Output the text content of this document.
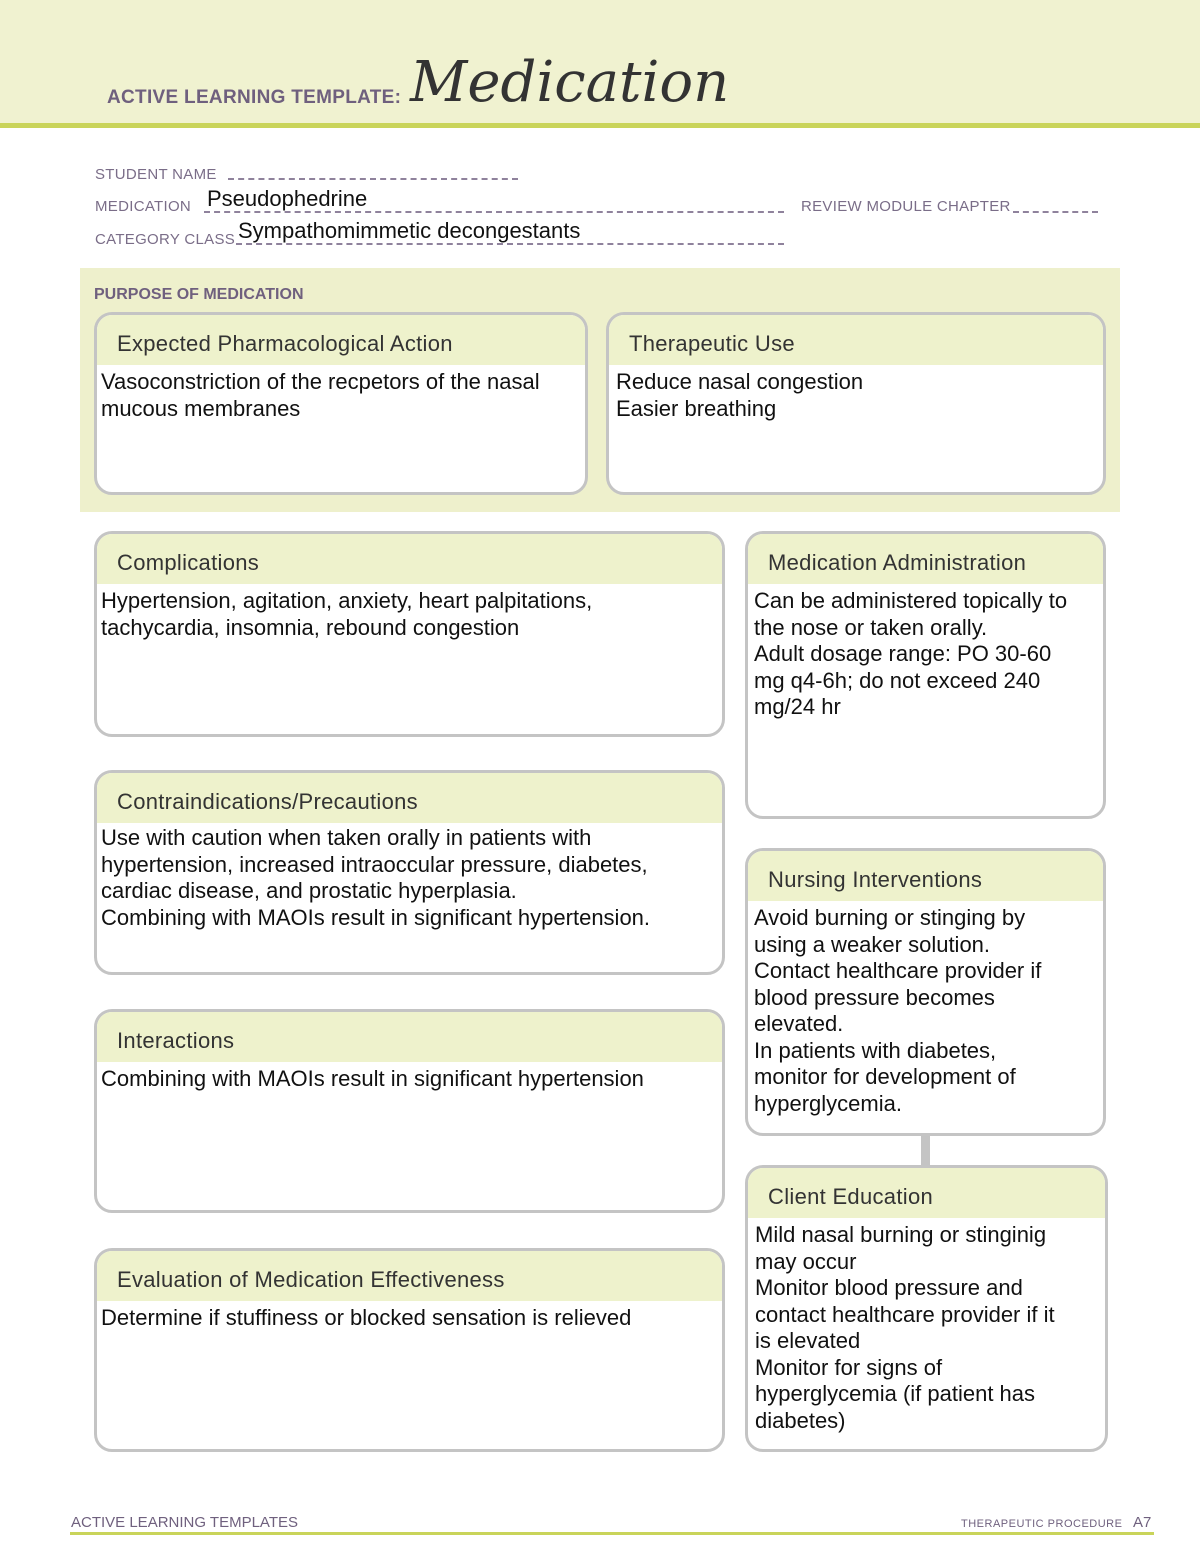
ACTIVE LEARNING TEMPLATE: Medication
STUDENT NAME
MEDICATION Pseudophedrine	REVIEW MODULE CHAPTER
CATEGORY CLASS Sympathomimmetic decongestants
PURPOSE OF MEDICATION
Expected Pharmacological Action
Vasoconstriction of the recpetors of the nasal
mucous membranes
Therapeutic Use
Reduce nasal congestion
Easier breathing
Complications
Hypertension, agitation, anxiety, heart palpitations,
tachycardia, insomnia, rebound congestion
Contraindications/Precautions
Use with caution when taken orally in patients with
hypertension, increased intraoccular pressure, diabetes,
cardiac disease, and prostatic hyperplasia.
Combining with MAOIs result in significant hypertension.
Interactions
Combining with MAOIs result in significant hypertension
Evaluation of Medication Effectiveness
Determine if stuffiness or blocked sensation is relieved
Medication Administration
Can be administered topically to
the nose or taken orally.
Adult dosage range: PO 30-60
mg q4-6h; do not exceed 240
mg/24 hr
Nursing Interventions
Avoid burning or stinging by
using a weaker solution.
Contact healthcare provider if
blood pressure becomes
elevated.
In patients with diabetes,
monitor for development of
hyperglycemia.
Client Education
Mild nasal burning or stinginig
may occur
Monitor blood pressure and
contact healthcare provider if it
is elevated
Monitor for signs of
hyperglycemia (if patient has
diabetes)
ACTIVE LEARNING TEMPLATES	THERAPEUTIC PROCEDURE A7
